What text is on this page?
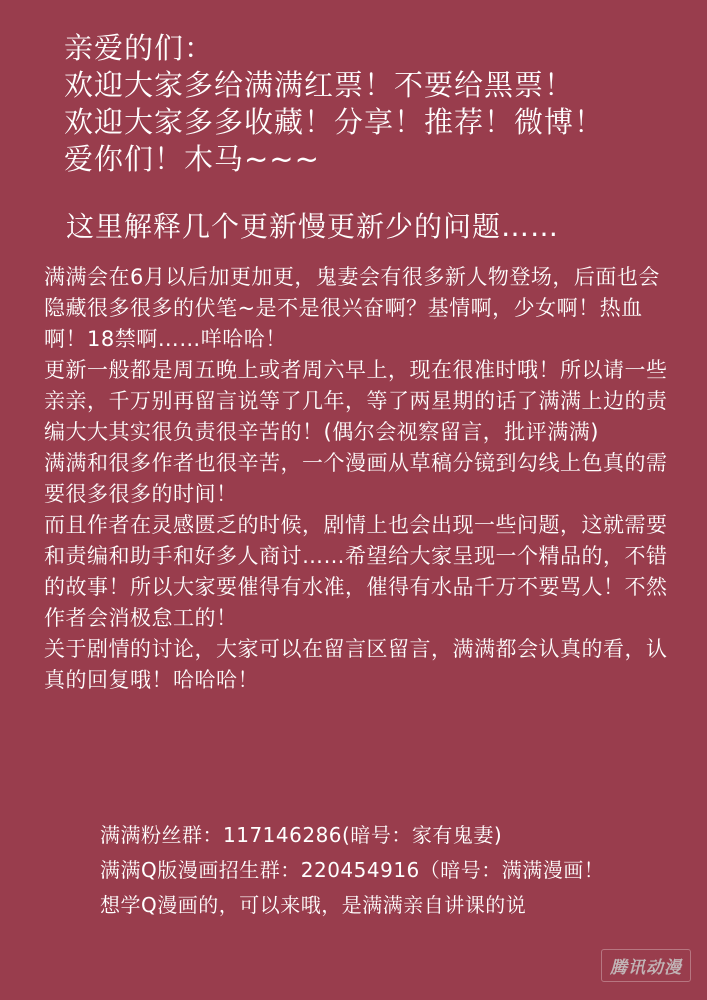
亲爱的们：
欢迎大家多给满满红票！不要给黑票！
欢迎大家多多收藏！分享！推荐！微博！
爱你们！木马~~~
这里解释几个更新慢更新少的问题……

满满会在6月以后加更加更，鬼妻会有很多新人物登场，后面也会隐藏很多很多的伏笔~是不是很兴奋啊？基情啊，少女啊！热血啊！18禁啊……咩哈哈！

更新一般都是周五晚上或者周六早上，现在很准时哦！所以请一些亲亲，千万别再留言说等了几年，等了两星期的话了满满上边的责编大大其实很负责很辛苦的！(偶尔会视察留言，批评满满)

满满和很多作者也很辛苦，一个漫画从草稿分镜到勾线上色真的需要很多很多的时间！

而且作者在灵感匮乏的时候，剧情上也会出现一些问题，这就需要和责编和助手和好多人商讨……希望给大家呈现一个精品的，不错的故事！所以大家要催得有水准，催得有水品千万不要骂人！不然作者会消极怠工的！

关于剧情的讨论，大家可以在留言区留言，满满都会认真的看，认真的回复哦！哈哈哈！

满满粉丝群：117146286(暗号：家有鬼妻)

满满Q版漫画招生群：220454916（暗号：满满漫画！想学Q漫画的，可以来哦，是满满亲自讲课的说

腾讯动漫
